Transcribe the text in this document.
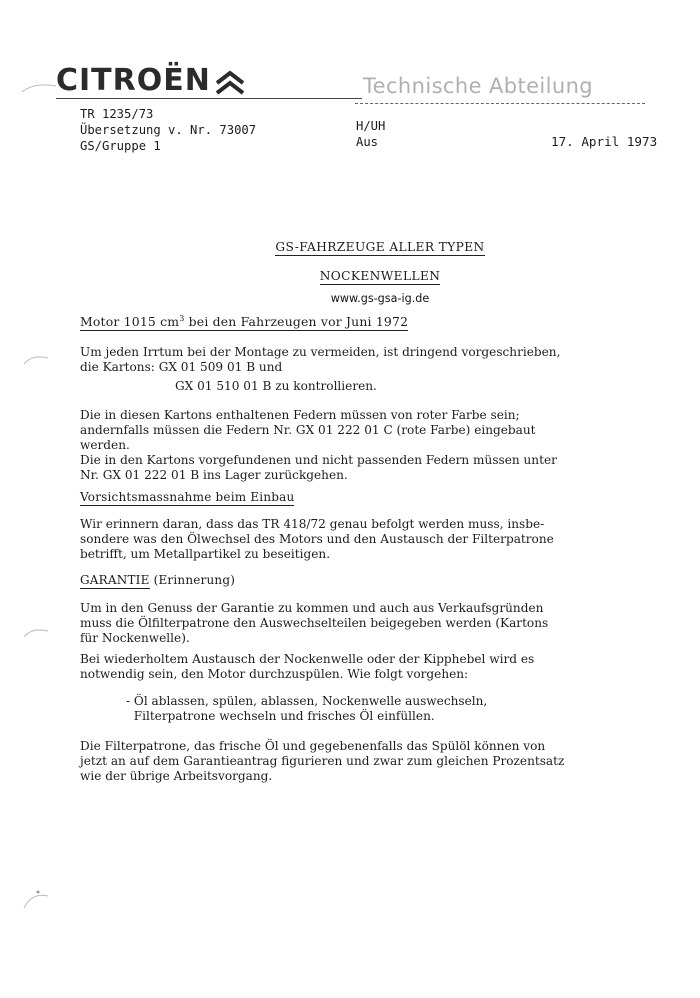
CITROËN	Technische Abteilung
TR 1235/73
Übersetzung v. Nr. 73007
GS/Gruppe 1
H/UH
Aus	17. April 1973
GS-FAHRZEUGE ALLER TYPEN
NOCKENWELLEN
www.gs-gsa-ig.de
Motor 1015 $cm^3$ bei den Fahrzeugen vor Juni 1972
Um jeden Irrtum bei der Montage zu vermeiden, ist dringend vorgeschrieben,
die Kartons: GX 01 509 01 B und
GX 01 510 01 B zu kontrollieren.
Die in diesen Kartons enthaltenen Federn müssen von roter Farbe sein;
andernfalls müssen die Federn Nr. GX 01 222 01 C (rote Farbe) eingebaut
werden.
Die in den Kartons vorgefundenen und nicht passenden Federn müssen unter
Nr. GX 01 222 01 B ins Lager zurückgehen.
Vorsichtsmassnahme beim Einbau
Wir erinnern daran, dass das TR 418/72 genau befolgt werden muss, insbe-
sondere was den Ölwechsel des Motors und den Austausch der Filterpatrone
betrifft, um Metallpartikel zu beseitigen.
GARANTIE (Erinnerung)
Um in den Genuss der Garantie zu kommen und auch aus Verkaufsgründen
muss die Ölfilterpatrone den Auswechselteilen beigegeben werden (Kartons
für Nockenwelle).
Bei wiederholtem Austausch der Nockenwelle oder der Kipphebel wird es
notwendig sein, den Motor durchzuspülen. Wie folgt vorgehen:
- Öl ablassen, spülen, ablassen, Nockenwelle auswechseln,
Filterpatrone wechseln und frisches Öl einfüllen.
Die Filterpatrone, das frische Öl und gegebenenfalls das Spülöl können von
jetzt an auf dem Garantieantrag figurieren und zwar zum gleichen Prozentsatz
wie der übrige Arbeitsvorgang.
